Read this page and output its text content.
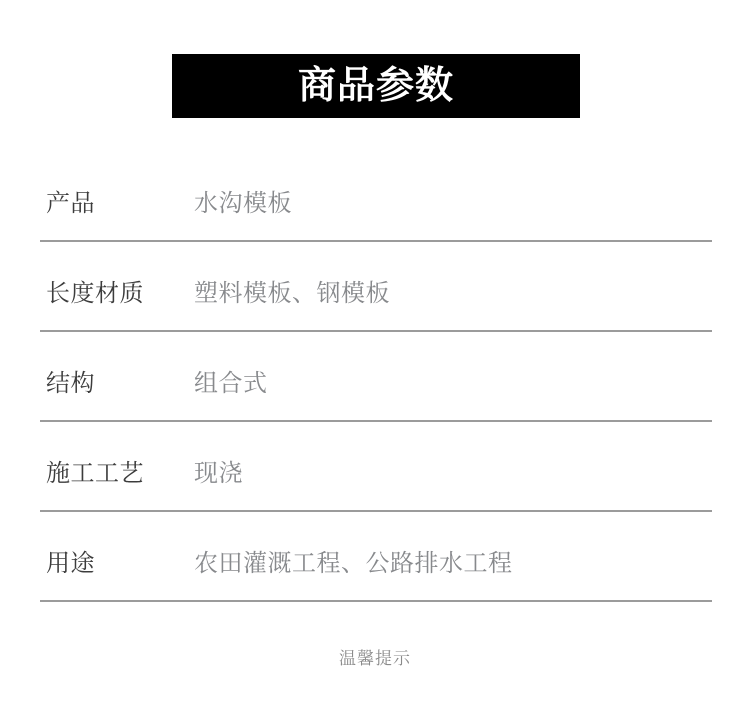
商品参数
产品	水沟模板
长度材质	塑料模板、钢模板
结构	组合式
施工工艺	现浇
用途	农田灌溉工程、公路排水工程
温馨提示
